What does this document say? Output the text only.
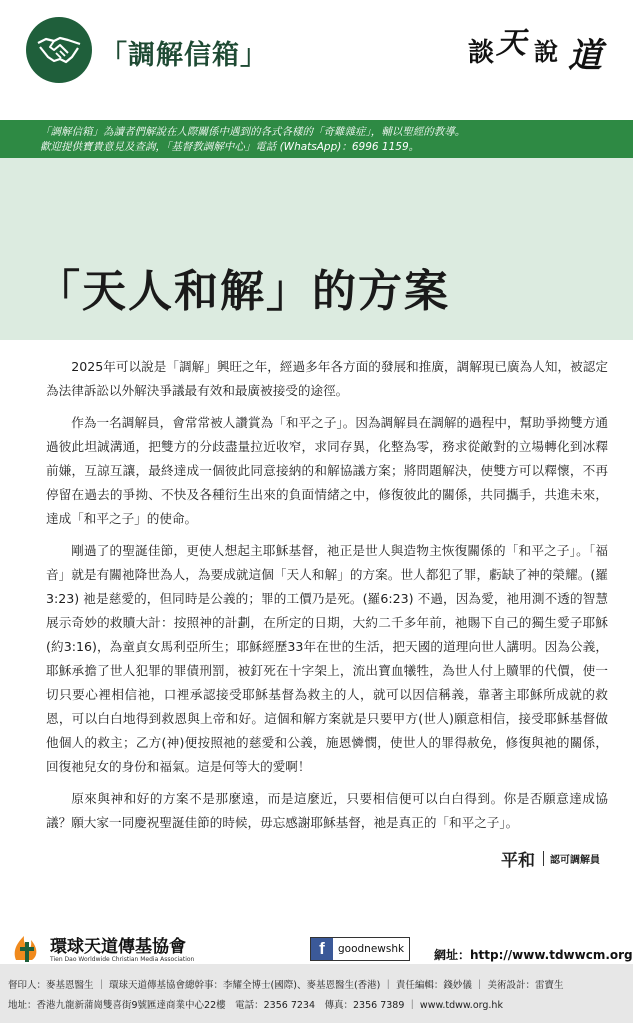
「調解信箱」	談 天 說 道
「調解信箱」為讀者們解說在人際關係中遇到的各式各樣的「奇難雜症」，輔以聖經的教導。
歡迎提供寶貴意見及查詢，「基督教調解中心」電話 (WhatsApp)：6996 1159。
「天人和解」的方案

2025年可以說是「調解」興旺之年，經過多年各方面的發展和推廣，調解現已廣為人知，被認定為法律訴訟以外解決爭議最有效和最廣被接受的途徑。

作為一名調解員，會常常被人讚賞為「和平之子」。因為調解員在調解的過程中，幫助爭拗雙方通過彼此坦誠溝通，把雙方的分歧盡量拉近收窄，求同存異，化整為零，務求從敵對的立場轉化到冰釋前嫌，互諒互讓，最終達成一個彼此同意接納的和解協議方案；將問題解決，使雙方可以釋懷，不再停留在過去的爭拗、不快及各種衍生出來的負面情緒之中，修復彼此的關係，共同攜手，共進未來，達成「和平之子」的使命。

剛過了的聖誕佳節，更使人想起主耶穌基督，祂正是世人與造物主恢復關係的「和平之子」。「福音」就是有關祂降世為人，為要成就這個「天人和解」的方案。世人都犯了罪，虧缺了神的榮耀。(羅3:23) 祂是慈愛的，但同時是公義的；罪的工價乃是死。(羅6:23) 不過，因為愛，祂用測不透的智慧展示奇妙的救贖大計：按照神的計劃，在所定的日期，大約二千多年前，祂賜下自己的獨生愛子耶穌(約3:16)，為童貞女馬利亞所生；耶穌經歷33年在世的生活，把天國的道理向世人講明。因為公義，耶穌承擔了世人犯罪的罪債刑罰，被釘死在十字架上，流出寶血犧牲，為世人付上贖罪的代價，使一切只要心裡相信祂，口裡承認接受耶穌基督為救主的人，就可以因信稱義，靠著主耶穌所成就的救恩，可以白白地得到救恩與上帝和好。這個和解方案就是只要甲方(世人)願意相信，接受耶穌基督做他個人的救主；乙方(神)便按照祂的慈愛和公義，施恩憐憫，使世人的罪得赦免，修復與祂的關係，回復祂兒女的身份和福氣。這是何等大的愛啊！

原來與神和好的方案不是那麼遠，而是這麼近，只要相信便可以白白得到。你是否願意達成協議？願大家一同慶祝聖誕佳節的時候，毋忘感謝耶穌基督，祂是真正的「和平之子」。

平和 認可調解員
環球天道傳基協會
Tien Dao Worldwide Christian Media Association
f	goodnewshk	網址：http://www.tdwwcm.org
督印人：麥基恩醫生 ｜ 環球天道傳基協會總幹事：李耀全博士(國際)、麥基恩醫生(香港) ｜ 責任編輯：錢妙儀 ｜ 美術設計：雷寶生
地址：香港九龍新蒲崗雙喜街9號匯達商業中心22樓　電話：2356 7234　傳真：2356 7389 ｜ www.tdww.org.hk
